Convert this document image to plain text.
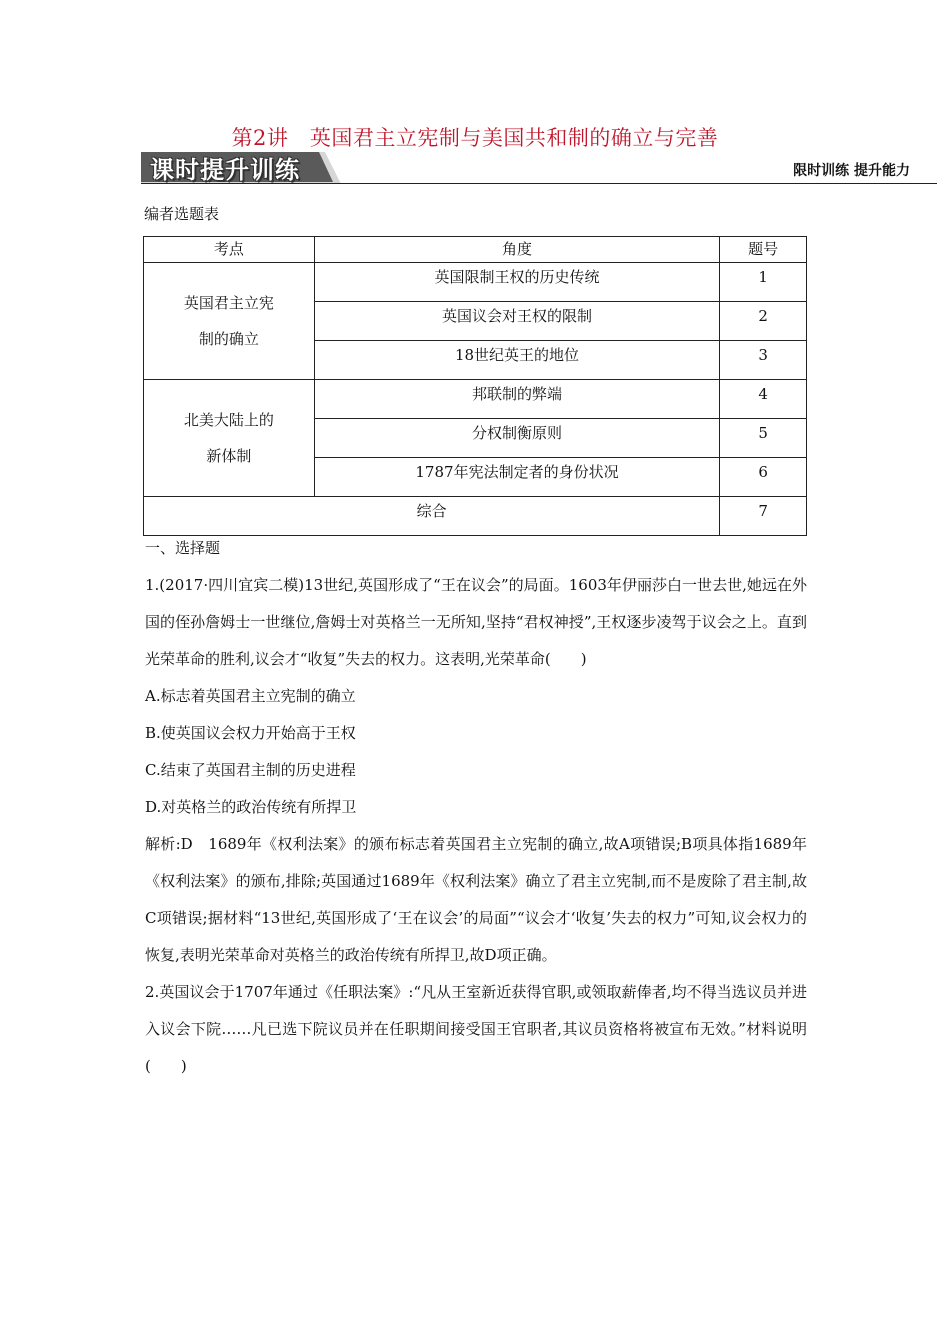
第2讲　英国君主立宪制与美国共和制的确立与完善
课时提升训练	限时训练 提升能力
编者选题表
考点	角度	题号

英国君主立宪制的确立	英国限制王权的历史传统	1
	英国议会对王权的限制	2
	18世纪英王的地位	3

北美大陆上的新体制	邦联制的弊端	4
	分权制衡原则	5
	1787年宪法制定者的身份状况	6
综合		7

一、选择题

1.(2017·四川宜宾二模)13世纪,英国形成了“王在议会”的局面。1603年伊丽莎白一世去世,她远在外国的侄孙詹姆士一世继位,詹姆士对英格兰一无所知,坚持“君权神授”,王权逐步凌驾于议会之上。直到光荣革命的胜利,议会才“收复”失去的权力。这表明,光荣革命(　　)

A.标志着英国君主立宪制的确立

B.使英国议会权力开始高于王权

C.结束了英国君主制的历史进程

D.对英格兰的政治传统有所捍卫

解析:D　1689年《权利法案》的颁布标志着英国君主立宪制的确立,故A项错误;B项具体指1689年《权利法案》的颁布,排除;英国通过1689年《权利法案》确立了君主立宪制,而不是废除了君主制,故C项错误;据材料“13世纪,英国形成了‘王在议会’的局面”“议会才‘收复’失去的权力”可知,议会权力的恢复,表明光荣革命对英格兰的政治传统有所捍卫,故D项正确。

2.英国议会于1707年通过《任职法案》:“凡从王室新近获得官职,或领取薪俸者,均不得当选议员并进入议会下院……凡已选下院议员并在任职期间接受国王官职者,其议员资格将被宣布无效。”材料说明(　　)
